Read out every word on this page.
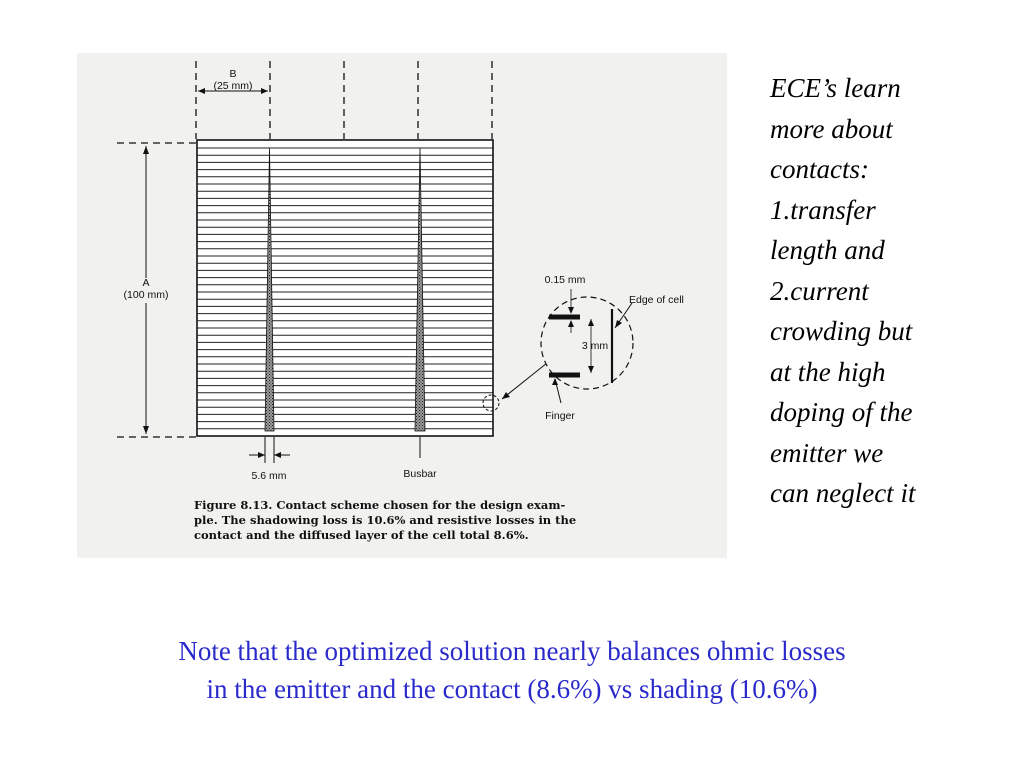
B
(25 mm)
A
(100 mm)
5.6 mm	Busbar
3 mm
0.15 mm
Edge of cell
Finger
Figure 8.13. Contact scheme chosen for the design exam-
ple. The shadowing loss is 10.6% and resistive losses in the
contact and the diffused layer of the cell total 8.6%.
ECE’s learn
more about
contacts:
1.transfer
length and
2.current
crowding but
at the high
doping of the
emitter we
can neglect it
Note that the optimized solution nearly balances ohmic losses
in the emitter and the contact (8.6%) vs shading (10.6%)
